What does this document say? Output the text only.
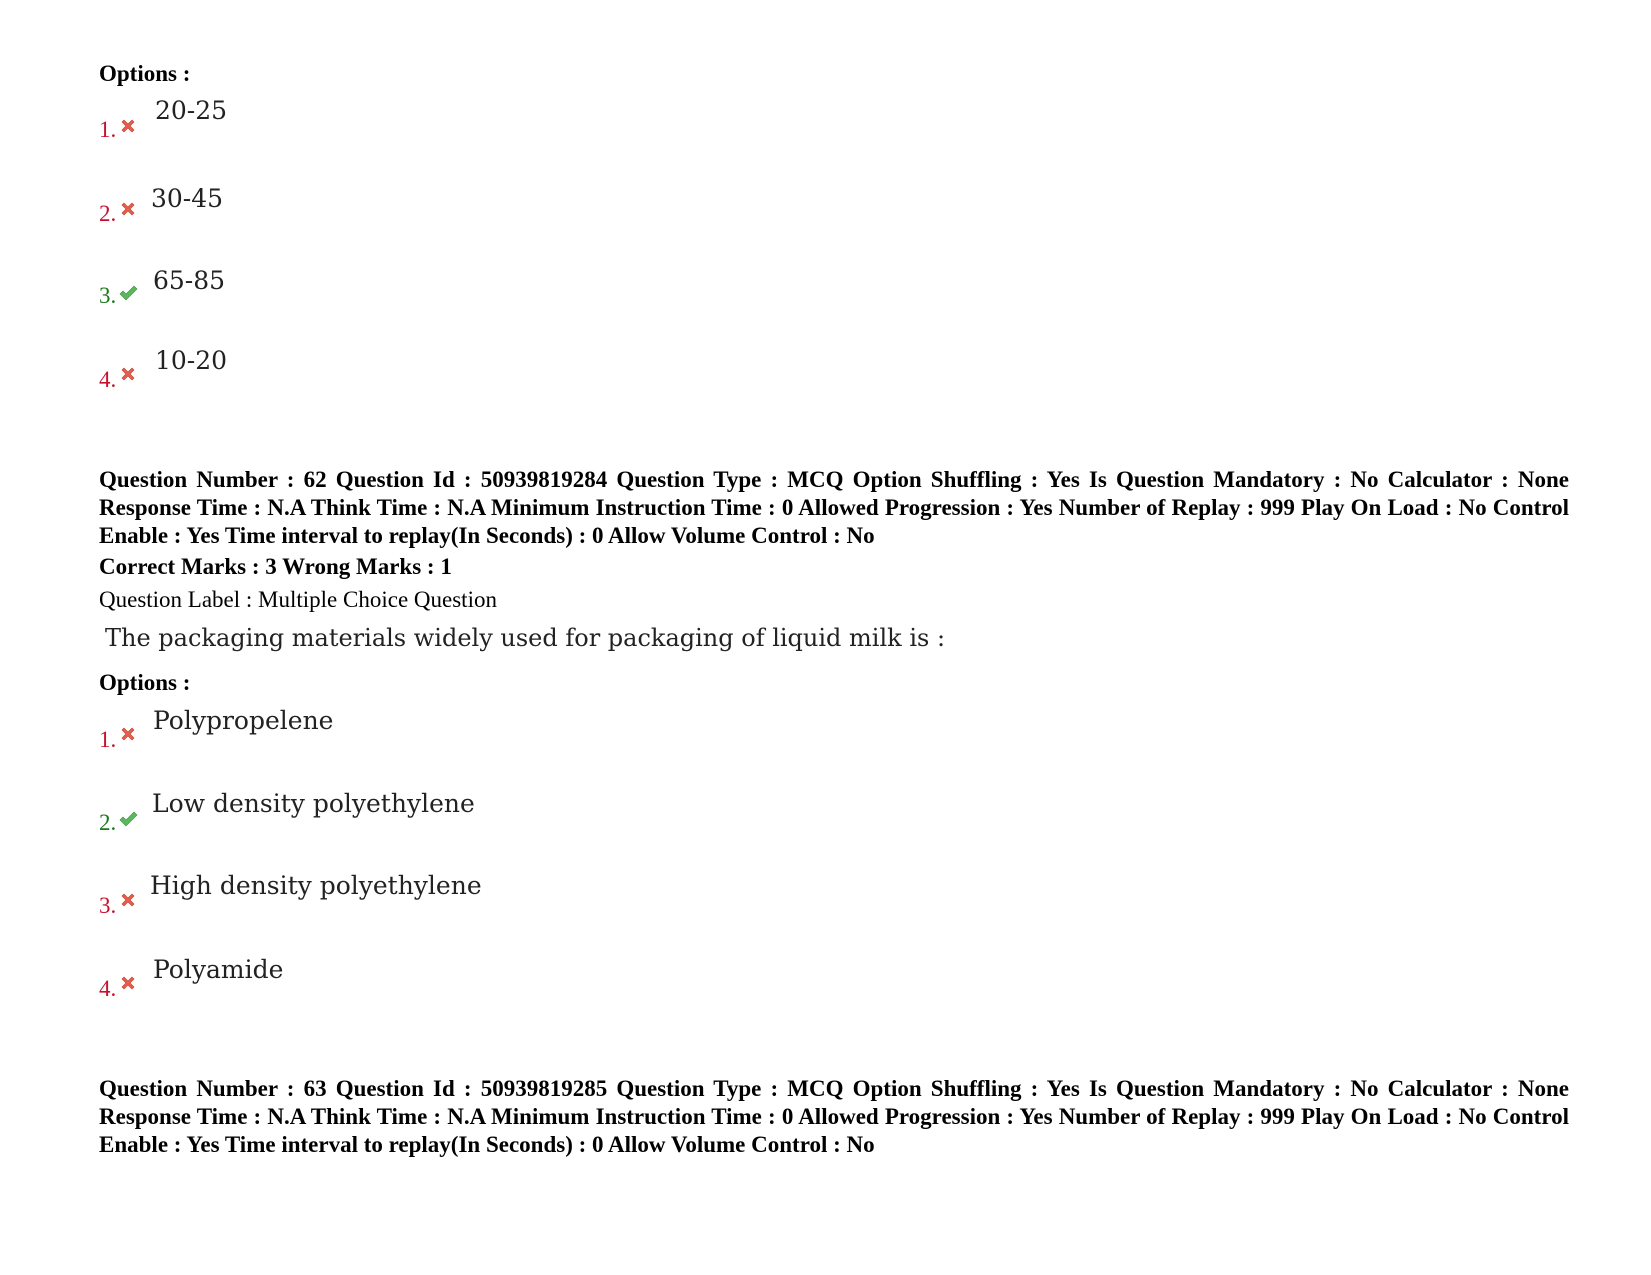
Options :
1.
20-25
2.
30-45
3.
65-85
4.
10-20
Question Number : 62 Question Id : 50939819284 Question Type : MCQ Option Shuffling : Yes Is Question Mandatory : No Calculator : None Response Time : N.A Think Time : N.A Minimum Instruction Time : 0 Allowed Progression : Yes Number of Replay : 999 Play On Load : No Control Enable : Yes Time interval to replay(In Seconds) : 0 Allow Volume Control : No
Correct Marks : 3 Wrong Marks : 1
Question Label : Multiple Choice Question
The packaging materials widely used for packaging of liquid milk is :
Options :
1.
Polypropelene
2.
Low density polyethylene
3.
High density polyethylene
4.
Polyamide
Question Number : 63 Question Id : 50939819285 Question Type : MCQ Option Shuffling : Yes Is Question Mandatory : No Calculator : None Response Time : N.A Think Time : N.A Minimum Instruction Time : 0 Allowed Progression : Yes Number of Replay : 999 Play On Load : No Control Enable : Yes Time interval to replay(In Seconds) : 0 Allow Volume Control : No
